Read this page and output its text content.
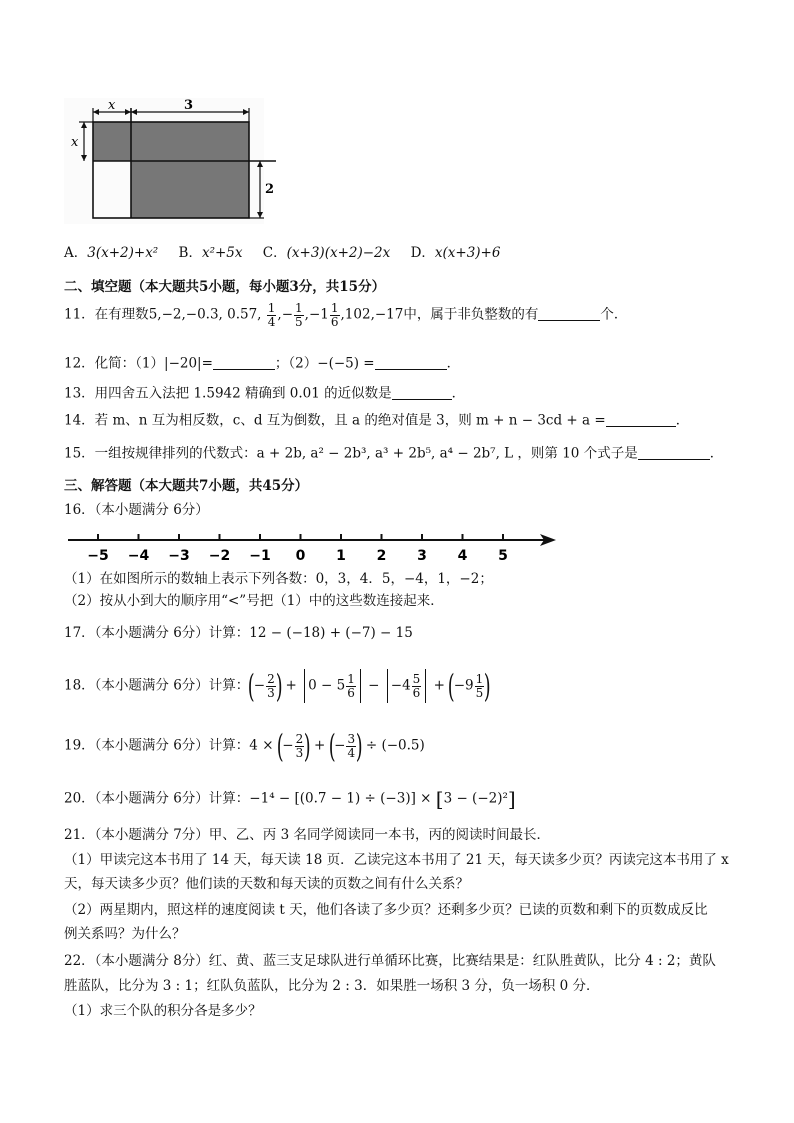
x	3
x
2
A．3(x+2)+x² B．x²+5x C．(x+3)(x+2)−2x D．x(x+3)+6
二、填空题（本大题共5小题，每小题3分，共15分）
11．在有理数5,−2,−0.3, 0.57, $\frac{1}{4}$ ,− $\frac{1}{5} ,-1 \frac{1}{6} ,102,-17$中，属于非负整数的有	个．
12．化简：（1）|−20|=	；（2）−(−5) =	．
13．用四舍五入法把 1.5942 精确到 0.01 的近似数是	．
14．若 m、n 互为相反数，c、d 互为倒数，且 a 的绝对值是 3，则 m + n − 3cd + a =	．
15．一组按规律排列的代数式：a + 2b, a² − 2b³, a³ + 2b⁵, a⁴ − 2b⁷, L ，则第 10 个式子是	．
三、解答题（本大题共7小题，共45分）
16．（本小题满分 6分）
−5 −4 −3 −2 −1 0 1 2 3 4 5
（1）在如图所示的数轴上表示下列各数：0，3，4．5，−4，1，−2；
（2）按从小到大的顺序用“<”号把（1）中的这些数连接起来．
17．（本小题满分 6分）计算：12 − (−18) + (−7) − 15
18．（本小题满分 6分）计算：(− $\frac{2}{3}$ ) + $0 - 5 \frac{1}{6} - -4 \frac{5}{6} + (-9 \frac{1}{5}$ )
19．（本小题满分 6分）计算：4 × (− $\frac{2}{3}$ ) + (− $\frac{3}{4}$ ) ÷ (−0.5)
20．（本小题满分 6分）计算：−1⁴ − [(0.7 − 1) ÷ (−3)] × [3 − (−2)²]
21．（本小题满分 7分）甲、乙、丙 3 名同学阅读同一本书，丙的阅读时间最长．
（1）甲读完这本书用了 14 天，每天读 18 页．乙读完这本书用了 21 天，每天读多少页？丙读完这本书用了 x
天，每天读多少页？他们读的天数和每天读的页数之间有什么关系？
（2）两星期内，照这样的速度阅读 t 天，他们各读了多少页？还剩多少页？已读的页数和剩下的页数成反比
例关系吗？为什么？
22．（本小题满分 8分）红、黄、蓝三支足球队进行单循环比赛，比赛结果是：红队胜黄队，比分 4 : 2；黄队
胜蓝队，比分为 3 : 1；红队负蓝队，比分为 2 : 3．如果胜一场积 3 分，负一场积 0 分．
（1）求三个队的积分各是多少？
